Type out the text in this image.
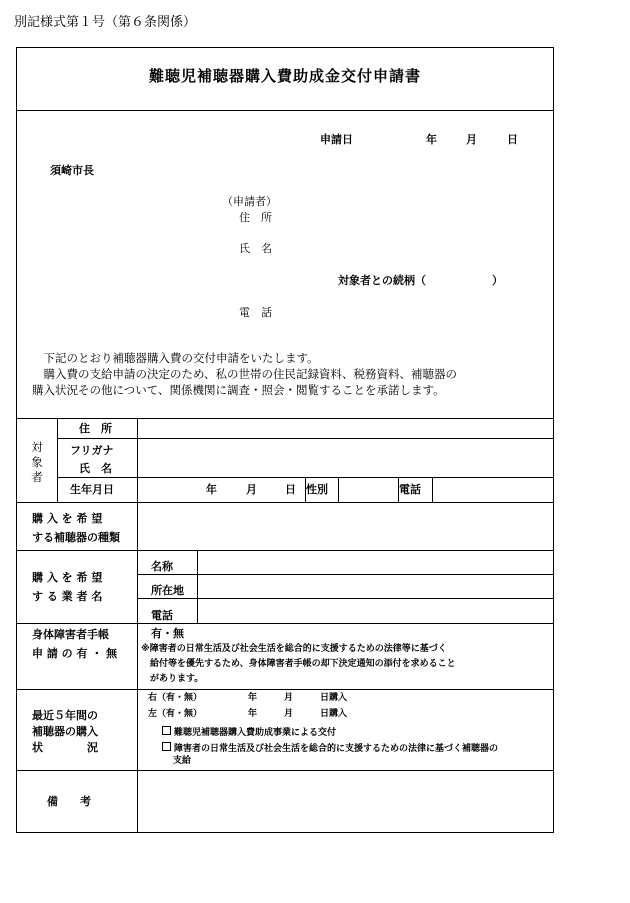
別記様式第１号（第６条関係）
難聴児補聴器購入費助成金交付申請書
申請日	年	月	日
須崎市長
（申請者）
住　所
氏　名
対象者との続柄（　　　　　　）
電　話
　下記のとおり補聴器購入費の交付申請をいたします。
　購入費の支給申請の決定のため、私の世帯の住民記録資料、税務資料、補聴器の
購入状況その他について、関係機関に調査・照会・閲覧することを承諾します。
対象者
住　所
フリガナ
氏　名
生年月日	年	月	日 性別	電話
購 入 を 希 望
する補聴器の種類
購 入 を 希 望
す る 業 者 名
名称
所在地
電話
身体障害者手帳
申 請 の 有 ・ 無
有・無
※障害者の日常生活及び社会生活を総合的に支援するための法律等に基づく
　給付等を優先するため、身体障害者手帳の却下決定通知の添付を求めること
　があります。
最近５年間の
補聴器の購入
状　　　　況
右（有・無）	年	月	日購入
左（有・無）	年	月	日購入
難聴児補聴器購入費助成事業による交付
障害者の日常生活及び社会生活を総合的に支援するための法律に基づく補聴器の
支給
備　　考
